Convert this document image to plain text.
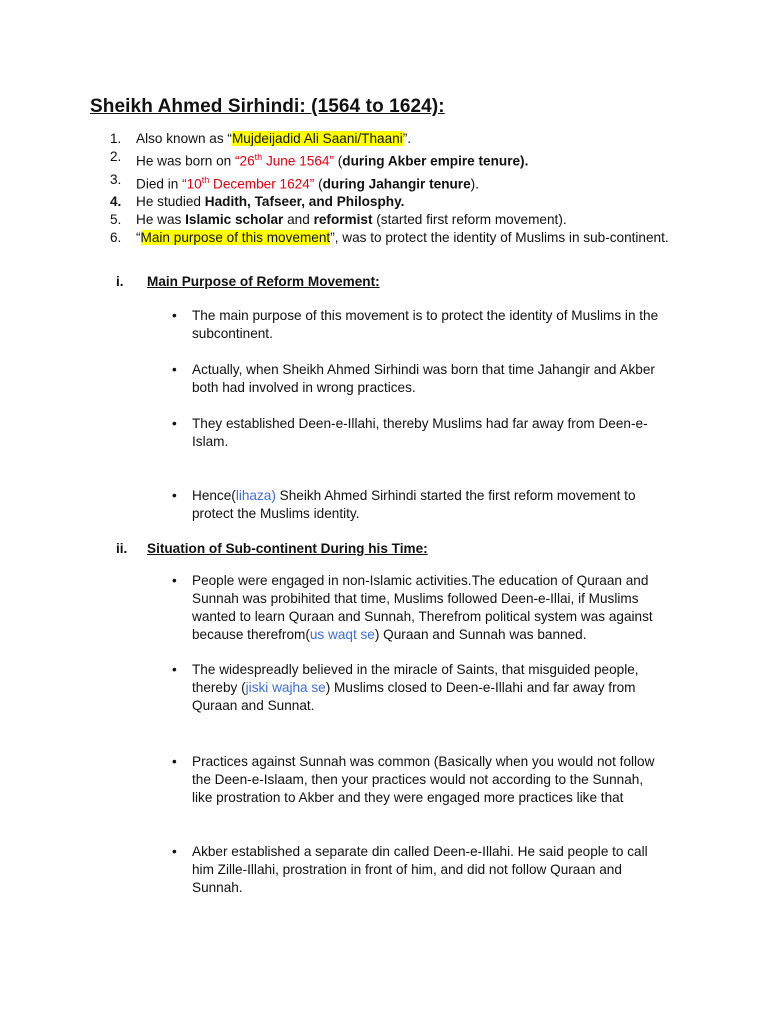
Sheikh Ahmed Sirhindi: (1564 to 1624):
1.	Also known as “Mujdeijadid Ali Saani/Thaani”.
2.	He was born on “26th June 1564” (during Akber empire tenure).
3.	Died in “10th December 1624” (during Jahangir tenure).
4.	He studied Hadith, Tafseer, and Philosphy.
5.	He was Islamic scholar and reformist (started first reform movement).
6.	“Main purpose of this movement”, was to protect the identity of Muslims in sub-continent.
i. Main Purpose of Reform Movement:
•	The main purpose of this movement is to protect the identity of Muslims in the subcontinent.
•	Actually, when Sheikh Ahmed Sirhindi was born that time Jahangir and Akber both had involved in wrong practices.
•	They established Deen-e-Illahi, thereby Muslims had far away from Deen-e-Islam.
•	Hence(lihaza) Sheikh Ahmed Sirhindi started the first reform movement to protect the Muslims identity.
ii. Situation of Sub-continent During his Time:
•	People were engaged in non-Islamic activities.The education of Quraan and Sunnah was probihited that time, Muslims followed Deen-e-Illai, if Muslims wanted to learn Quraan and Sunnah, Therefrom political system was against because therefrom(us waqt se) Quraan and Sunnah was banned.
•	The widespreadly believed in the miracle of Saints, that misguided people, thereby (jiski wajha se) Muslims closed to Deen-e-Illahi and far away from Quraan and Sunnat.
•	Practices against Sunnah was common (Basically when you would not follow the Deen-e-Islaam, then your practices would not according to the Sunnah, like prostration to Akber and they were engaged more practices like that
•	Akber established a separate din called Deen-e-Illahi. He said people to call him Zille-Illahi, prostration in front of him, and did not follow Quraan and Sunnah.
